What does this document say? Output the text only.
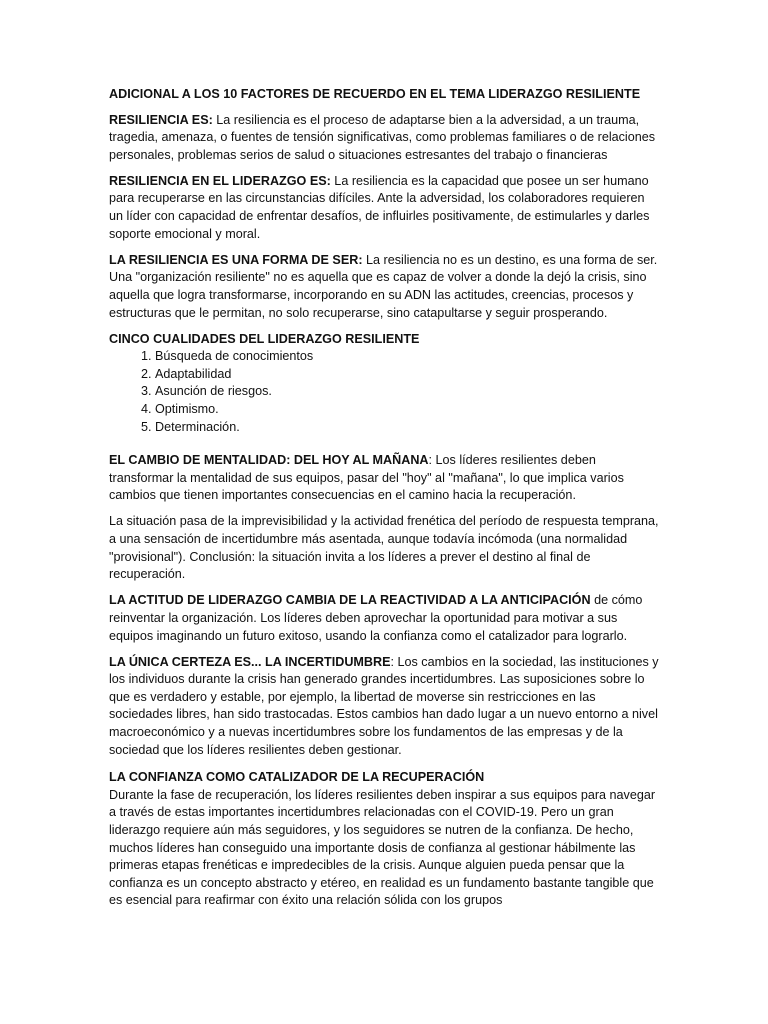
ADICIONAL A LOS 10 FACTORES DE RECUERDO EN EL TEMA LIDERAZGO RESILIENTE

RESILIENCIA ES: La resiliencia es el proceso de adaptarse bien a la adversidad, a un trauma, tragedia, amenaza, o fuentes de tensión significativas, como problemas familiares o de relaciones personales, problemas serios de salud o situaciones estresantes del trabajo o financieras

RESILIENCIA EN EL LIDERAZGO ES: La resiliencia es la capacidad que posee un ser humano para recuperarse en las circunstancias difíciles. Ante la adversidad, los colaboradores requieren un líder con capacidad de enfrentar desafíos, de influirles positivamente, de estimularles y darles soporte emocional y moral.

LA RESILIENCIA ES UNA FORMA DE SER: La resiliencia no es un destino, es una forma de ser. Una "organización resiliente" no es aquella que es capaz de volver a donde la dejó la crisis, sino aquella que logra transformarse, incorporando en su ADN las actitudes, creencias, procesos y estructuras que le permitan, no solo recuperarse, sino catapultarse y seguir prosperando.

CINCO CUALIDADES DEL LIDERAZGO RESILIENTE
1. Búsqueda de conocimientos
2. Adaptabilidad
3. Asunción de riesgos.
4. Optimismo.
5. Determinación.

EL CAMBIO DE MENTALIDAD: DEL HOY AL MAÑANA: Los líderes resilientes deben transformar la mentalidad de sus equipos, pasar del "hoy" al "mañana", lo que implica varios cambios que tienen importantes consecuencias en el camino hacia la recuperación.

La situación pasa de la imprevisibilidad y la actividad frenética del período de respuesta temprana, a una sensación de incertidumbre más asentada, aunque todavía incómoda (una normalidad "provisional"). Conclusión: la situación invita a los líderes a prever el destino al final de recuperación.

LA ACTITUD DE LIDERAZGO CAMBIA DE LA REACTIVIDAD A LA ANTICIPACIÓN de cómo reinventar la organización. Los líderes deben aprovechar la oportunidad para motivar a sus equipos imaginando un futuro exitoso, usando la confianza como el catalizador para lograrlo.

LA ÚNICA CERTEZA ES... LA INCERTIDUMBRE: Los cambios en la sociedad, las instituciones y los individuos durante la crisis han generado grandes incertidumbres. Las suposiciones sobre lo que es verdadero y estable, por ejemplo, la libertad de moverse sin restricciones en las sociedades libres, han sido trastocadas. Estos cambios han dado lugar a un nuevo entorno a nivel macroeconómico y a nuevas incertidumbres sobre los fundamentos de las empresas y de la sociedad que los líderes resilientes deben gestionar.

LA CONFIANZA COMO CATALIZADOR DE LA RECUPERACIÓN

Durante la fase de recuperación, los líderes resilientes deben inspirar a sus equipos para navegar a través de estas importantes incertidumbres relacionadas con el COVID-19. Pero un gran liderazgo requiere aún más seguidores, y los seguidores se nutren de la confianza. De hecho, muchos líderes han conseguido una importante dosis de confianza al gestionar hábilmente las primeras etapas frenéticas e impredecibles de la crisis. Aunque alguien pueda pensar que la confianza es un concepto abstracto y etéreo, en realidad es un fundamento bastante tangible que es esencial para reafirmar con éxito una relación sólida con los grupos
